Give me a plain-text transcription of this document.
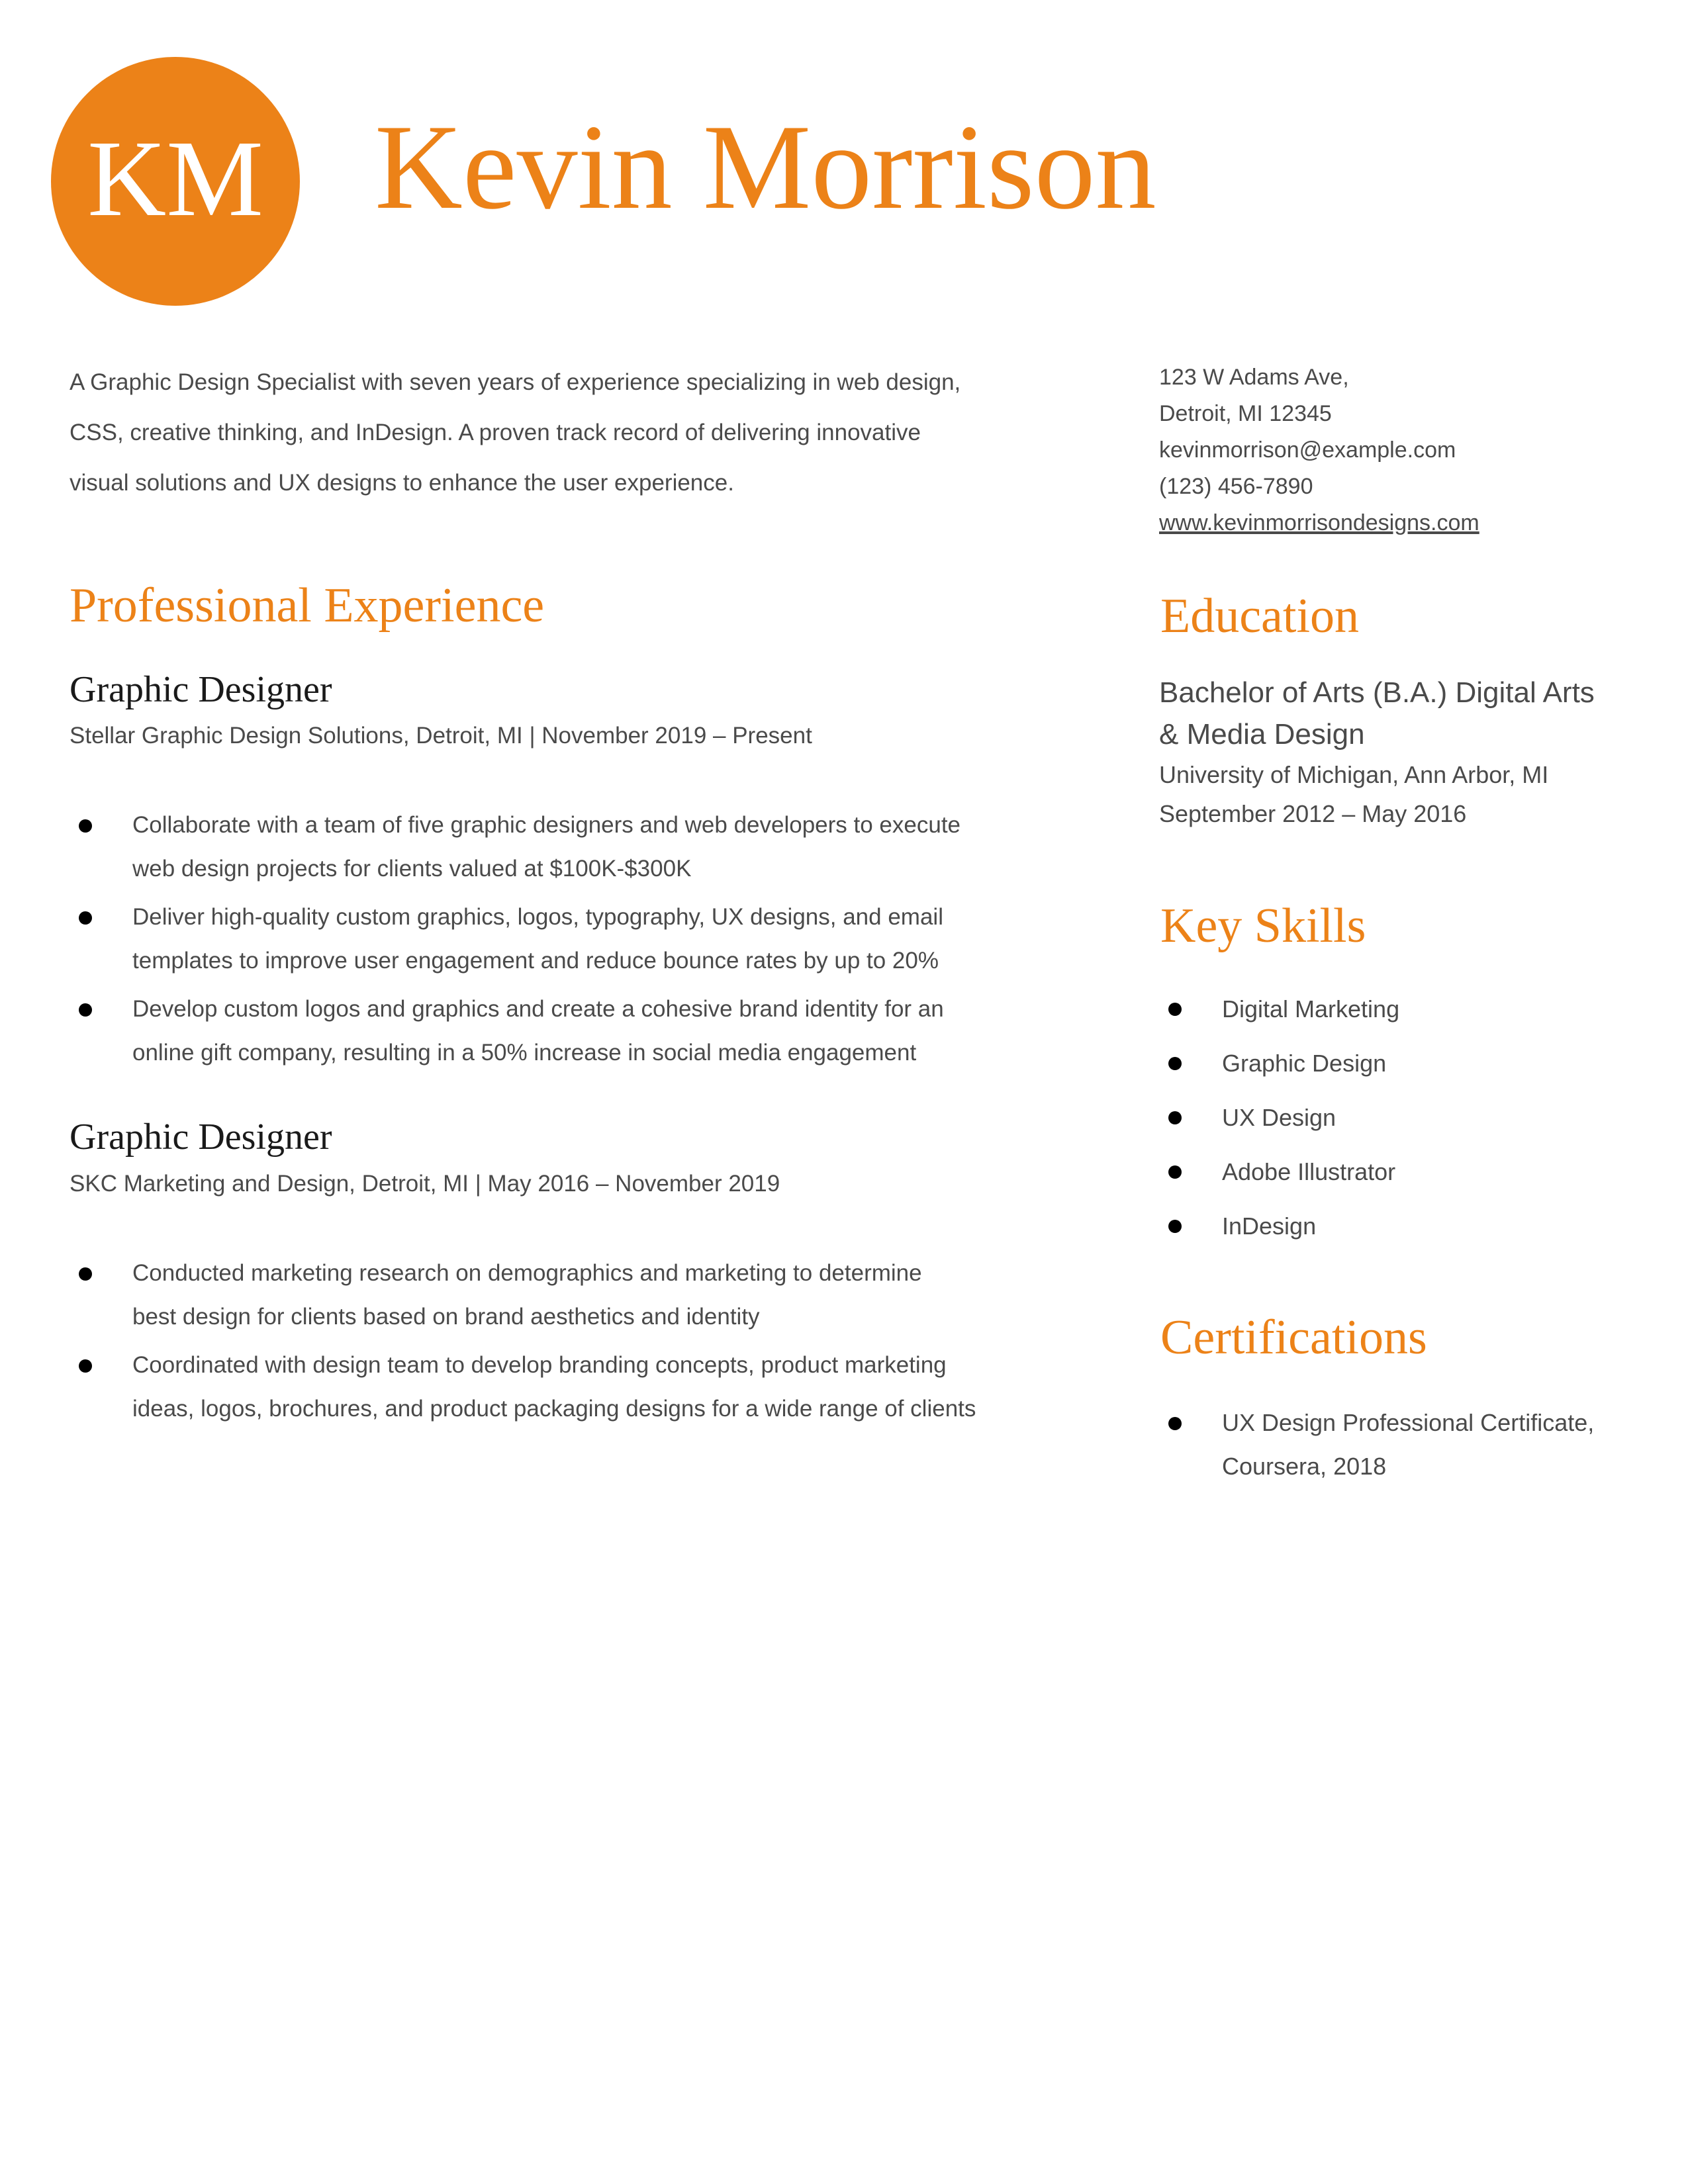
KM Kevin Morrison
A Graphic Design Specialist with seven years of experience specializing in web design,
CSS, creative thinking, and InDesign. A proven track record of delivering innovative
visual solutions and UX designs to enhance the user experience.
Professional Experience
Graphic Designer
Stellar Graphic Design Solutions, Detroit, MI | November 2019 – Present
Collaborate with a team of five graphic designers and web developers to execute
web design projects for clients valued at $100K-$300K
Deliver high-quality custom graphics, logos, typography, UX designs, and email
templates to improve user engagement and reduce bounce rates by up to 20%
Develop custom logos and graphics and create a cohesive brand identity for an
online gift company, resulting in a 50% increase in social media engagement
Graphic Designer
SKC Marketing and Design, Detroit, MI | May 2016 – November 2019
Conducted marketing research on demographics and marketing to determine
best design for clients based on brand aesthetics and identity
Coordinated with design team to develop branding concepts, product marketing
ideas, logos, brochures, and product packaging designs for a wide range of clients
123 W Adams Ave,
Detroit, MI 12345
kevinmorrison@example.com
(123) 456-7890
www.kevinmorrisondesigns.com
Education
Bachelor of Arts (B.A.) Digital Arts
& Media Design
University of Michigan, Ann Arbor, MI
September 2012 – May 2016
Key Skills
Digital Marketing
Graphic Design
UX Design
Adobe Illustrator
InDesign
Certifications
UX Design Professional Certificate,
Coursera, 2018
